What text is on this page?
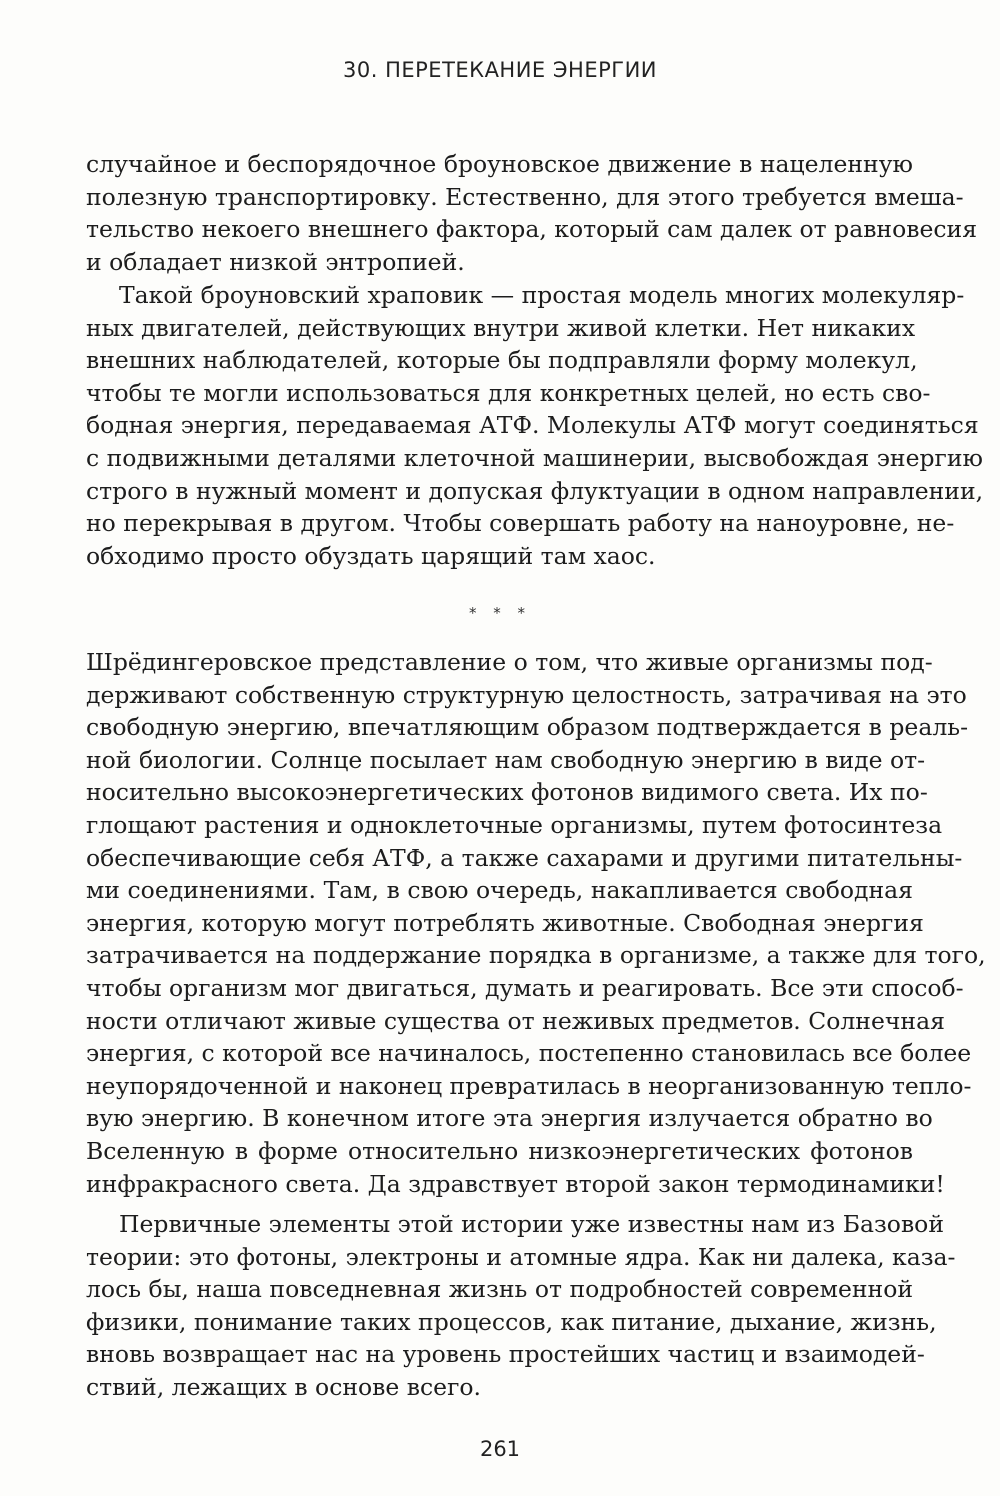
30. ПЕРЕТЕКАНИЕ ЭНЕРГИИ
случайное и беспорядочное броуновское движение в нацеленную
полезную транспортировку. Естественно, для этого требуется вмеша-
тельство некоего внешнего фактора, который сам далек от равновесия
и обладает низкой энтропией.
Такой броуновский храповик — простая модель многих молекуляр-
ных двигателей, действующих внутри живой клетки. Нет никаких
внешних наблюдателей, которые бы подправляли форму молекул,
чтобы те могли использоваться для конкретных целей, но есть сво-
бодная энергия, передаваемая АТФ. Молекулы АТФ могут соединяться
с подвижными деталями клеточной машинерии, высвобождая энергию
строго в нужный момент и допуская флуктуации в одном направлении,
но перекрывая в другом. Чтобы совершать работу на наноуровне, не-
обходимо просто обуздать царящий там хаос.
* * *
Шрёдингеровское представление о том, что живые организмы под-
держивают собственную структурную целостность, затрачивая на это
свободную энергию, впечатляющим образом подтверждается в реаль-
ной биологии. Солнце посылает нам свободную энергию в виде от-
носительно высокоэнергетических фотонов видимого света. Их по-
глощают растения и одноклеточные организмы, путем фотосинтеза
обеспечивающие себя АТФ, а также сахарами и другими питательны-
ми соединениями. Там, в свою очередь, накапливается свободная
энергия, которую могут потреблять животные. Свободная энергия
затрачивается на поддержание порядка в организме, а также для того,
чтобы организм мог двигаться, думать и реагировать. Все эти способ-
ности отличают живые существа от неживых предметов. Солнечная
энергия, с которой все начиналось, постепенно становилась все более
неупорядоченной и наконец превратилась в неорганизованную тепло-
вую энергию. В конечном итоге эта энергия излучается обратно во
Вселенную в форме относительно низкоэнергетических фотонов
инфракрасного света. Да здравствует второй закон термодинамики!
Первичные элементы этой истории уже известны нам из Базовой
теории: это фотоны, электроны и атомные ядра. Как ни далека, каза-
лось бы, наша повседневная жизнь от подробностей современной
физики, понимание таких процессов, как питание, дыхание, жизнь,
вновь возвращает нас на уровень простейших частиц и взаимодей-
ствий, лежащих в основе всего.
261
